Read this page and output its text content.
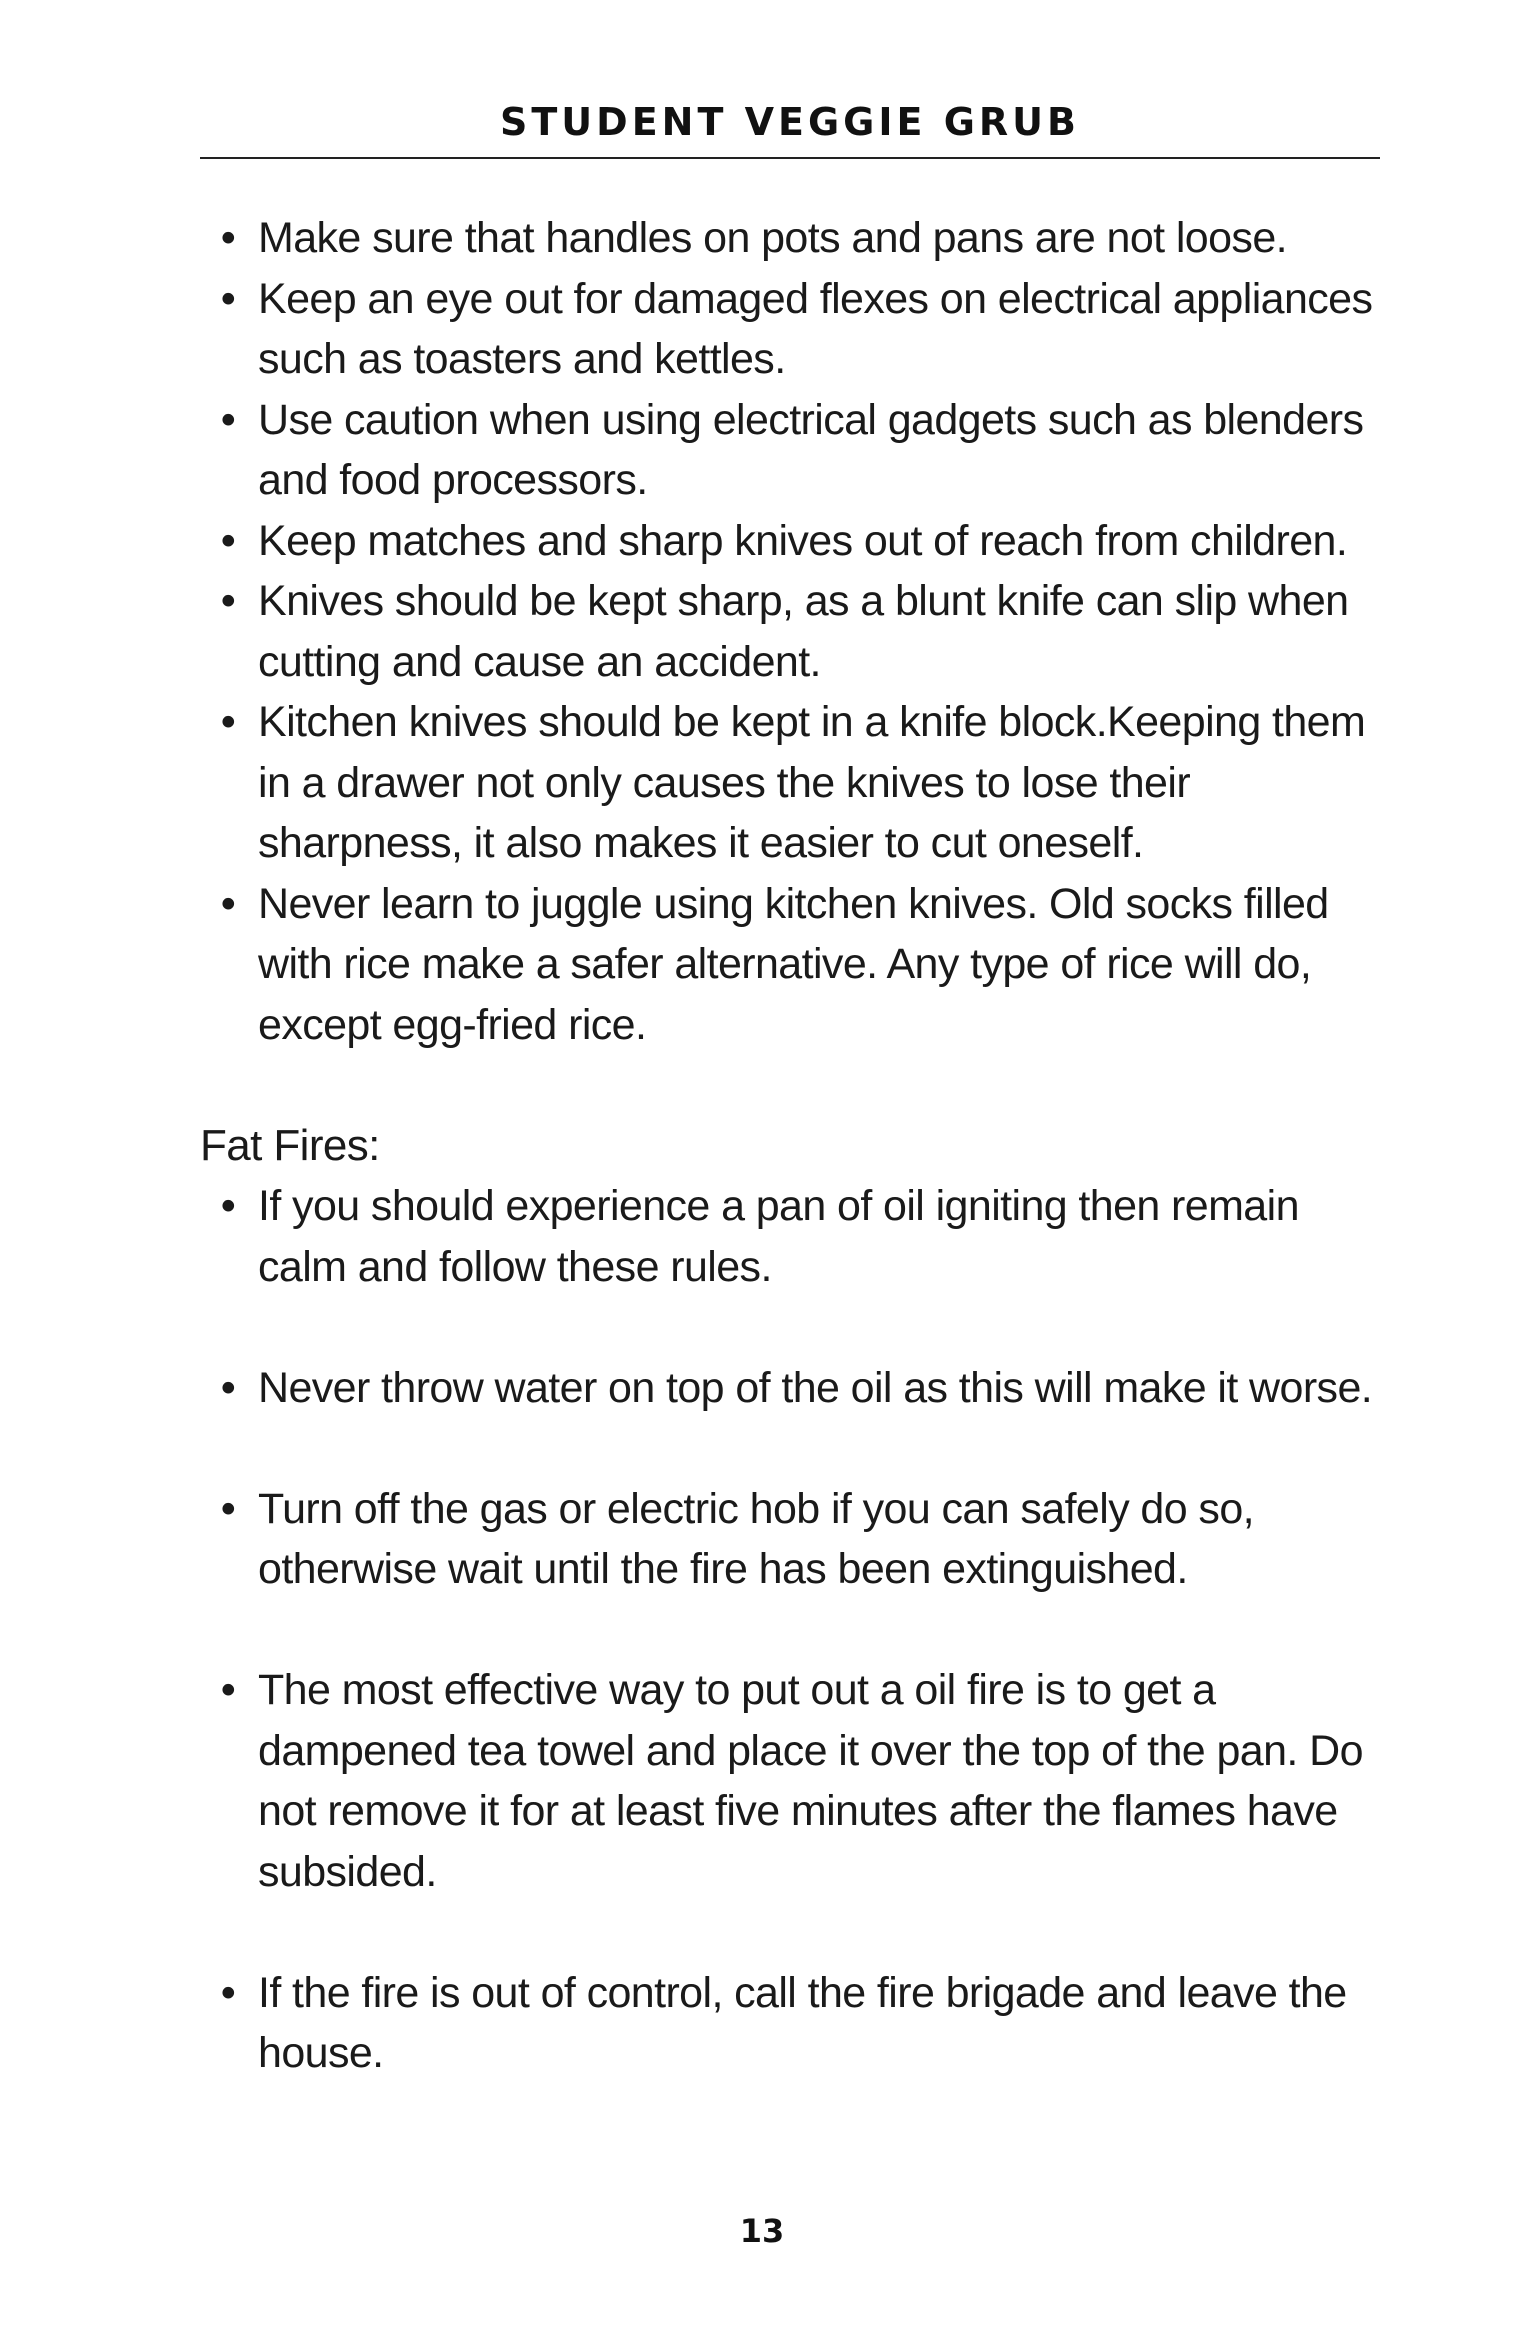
STUDENT VEGGIE GRUB
• Make sure that handles on pots and pans are not loose.
• Keep an eye out for damaged flexes on electrical appliances such as toasters and kettles.
• Use caution when using electrical gadgets such as blenders and food processors.
• Keep matches and sharp knives out of reach from children.
• Knives should be kept sharp, as a blunt knife can slip when cutting and cause an accident.
• Kitchen knives should be kept in a knife block.Keeping them in a drawer not only causes the knives to lose their sharpness, it also makes it easier to cut oneself.
• Never learn to juggle using kitchen knives. Old socks filled with rice make a safer alternative. Any type of rice will do, except egg-fried rice.
Fat Fires:
• If you should experience a pan of oil igniting then remain calm and follow these rules.
• Never throw water on top of the oil as this will make it worse.
• Turn off the gas or electric hob if you can safely do so, otherwise wait until the fire has been extinguished.
• The most effective way to put out a oil fire is to get a dampened tea towel and place it over the top of the pan. Do not remove it for at least five minutes after the flames have subsided.
• If the fire is out of control, call the fire brigade and leave the house.
13
